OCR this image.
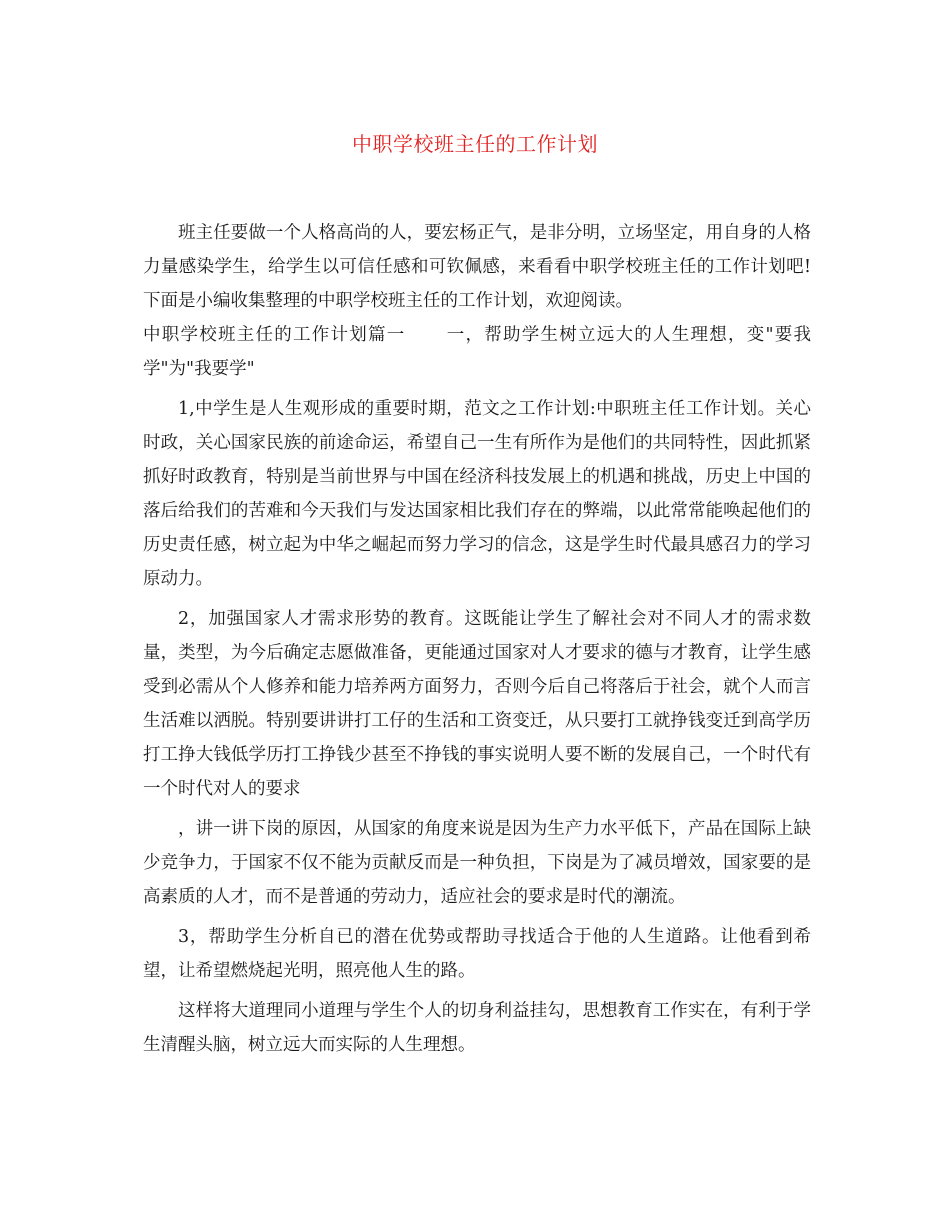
中职学校班主任的工作计划

班主任要做一个人格高尚的人，要宏杨正气，是非分明，立场坚定，用自身的人格力量感染学生，给学生以可信任感和可钦佩感，来看看中职学校班主任的工作计划吧!下面是小编收集整理的中职学校班主任的工作计划，欢迎阅读。

中职学校班主任的工作计划篇一 一，帮助学生树立远大的人生理想，变"要我学"为"我要学"

1,中学生是人生观形成的重要时期，范文之工作计划:中职班主任工作计划。关心时政，关心国家民族的前途命运，希望自己一生有所作为是他们的共同特性，因此抓紧抓好时政教育，特别是当前世界与中国在经济科技发展上的机遇和挑战，历史上中国的落后给我们的苦难和今天我们与发达国家相比我们存在的弊端，以此常常能唤起他们的历史责任感，树立起为中华之崛起而努力学习的信念，这是学生时代最具感召力的学习原动力。

2，加强国家人才需求形势的教育。这既能让学生了解社会对不同人才的需求数量，类型，为今后确定志愿做准备，更能通过国家对人才要求的德与才教育，让学生感受到必需从个人修养和能力培养两方面努力，否则今后自己将落后于社会，就个人而言生活难以洒脱。特别要讲讲打工仔的生活和工资变迁，从只要打工就挣钱变迁到高学历打工挣大钱低学历打工挣钱少甚至不挣钱的事实说明人要不断的发展自己，一个时代有一个时代对人的要求

，讲一讲下岗的原因，从国家的角度来说是因为生产力水平低下，产品在国际上缺少竞争力，于国家不仅不能为贡献反而是一种负担，下岗是为了减员增效，国家要的是高素质的人才，而不是普通的劳动力，适应社会的要求是时代的潮流。

3，帮助学生分析自已的潜在优势或帮助寻找适合于他的人生道路。让他看到希望，让希望燃烧起光明，照亮他人生的路。

这样将大道理同小道理与学生个人的切身利益挂勾，思想教育工作实在，有利于学生清醒头脑，树立远大而实际的人生理想。
